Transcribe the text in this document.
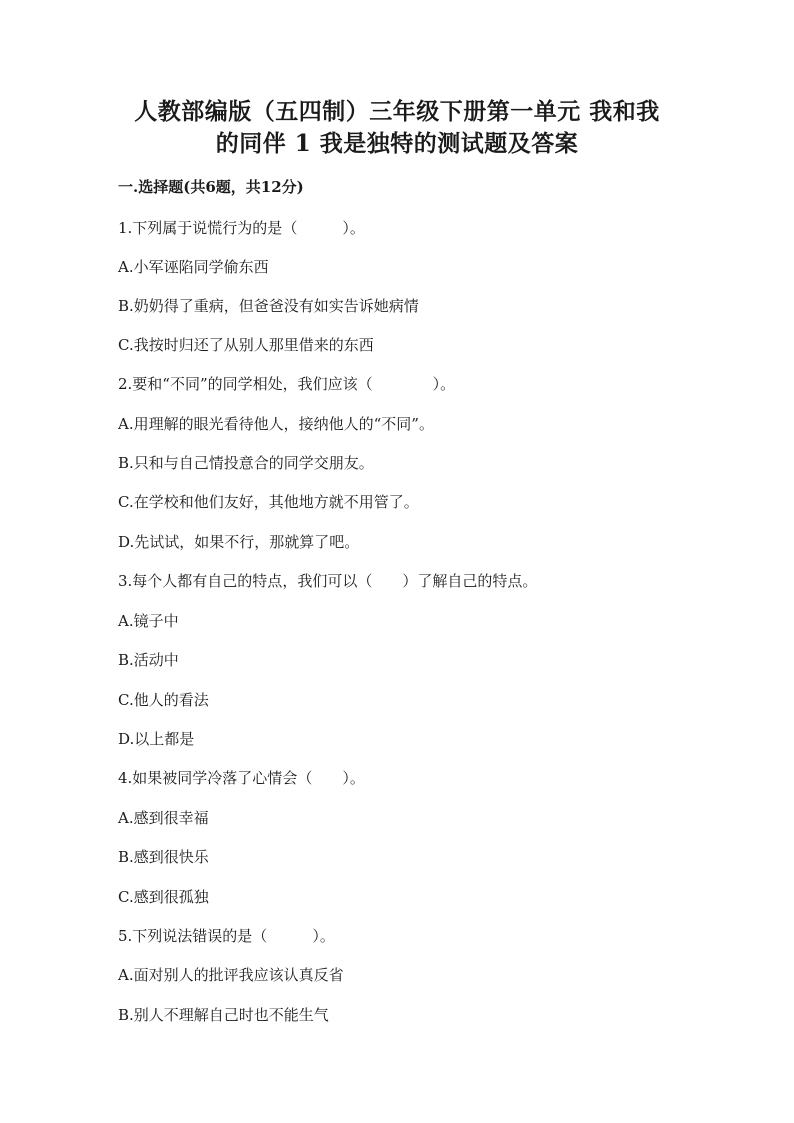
人教部编版（五四制）三年级下册第一单元 我和我
的同伴 1 我是独特的测试题及答案
一.选择题(共6题，共12分)
1.下列属于说慌行为的是（　　　）。
A.小军诬陷同学偷东西
B.奶奶得了重病，但爸爸没有如实告诉她病情
C.我按时归还了从别人那里借来的东西
2.要和“不同”的同学相处，我们应该（　　　　）。
A.用理解的眼光看待他人，接纳他人的“不同”。
B.只和与自己情投意合的同学交朋友。
C.在学校和他们友好，其他地方就不用管了。
D.先试试，如果不行，那就算了吧。
3.每个人都有自己的特点，我们可以（　　）了解自己的特点。
A.镜子中
B.活动中
C.他人的看法
D.以上都是
4.如果被同学冷落了心情会（　　）。
A.感到很幸福
B.感到很快乐
C.感到很孤独
5.下列说法错误的是（　　　）。
A.面对别人的批评我应该认真反省
B.别人不理解自己时也不能生气
